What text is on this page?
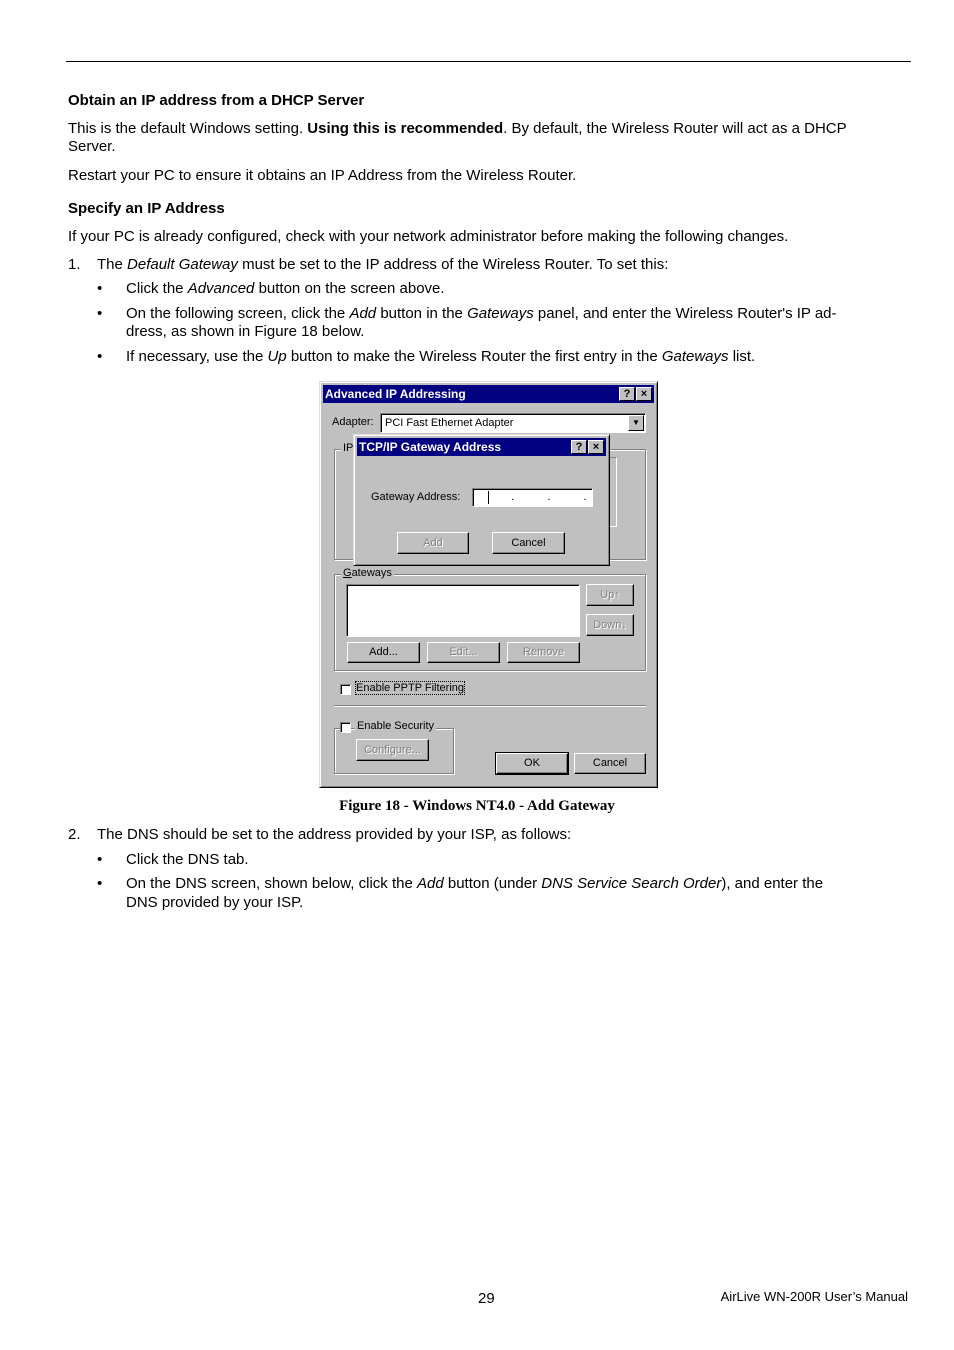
Obtain an IP address from a DHCP Server

This is the default Windows setting. Using this is recommended. By default, the Wireless Router will act as a DHCP

Server.

Restart your PC to ensure it obtains an IP Address from the Wireless Router.

Specify an IP Address

If your PC is already configured, check with your network administrator before making the following changes.

1. The Default Gateway must be set to the IP address of the Wireless Router. To set this:

• Click the Advanced button on the screen above.

• On the following screen, click the Add button in the Gateways panel, and enter the Wireless Router's IP ad-

dress, as shown in Figure 18 below.

• If necessary, use the Up button to make the Wireless Router the first entry in the Gateways list.

Advanced IP Addressing	? ×
Adapter: PCI Fast Ethernet Adapter	▼
IP
Gateways
Up↑
Down↓
Add...	Edit...	Remove
Enable PPTP Filtering
Enable Security
Configure...
OK	Cancel
TCP/IP Gateway Address	? ×
Gateway Address:	.   .   .
Add	Cancel
Figure 18 - Windows NT4.0 - Add Gateway
2. The DNS should be set to the address provided by your ISP, as follows:

• Click the DNS tab.

• On the DNS screen, shown below, click the Add button (under DNS Service Search Order), and enter the

DNS provided by your ISP.

29	AirLive WN-200R User’s Manual
